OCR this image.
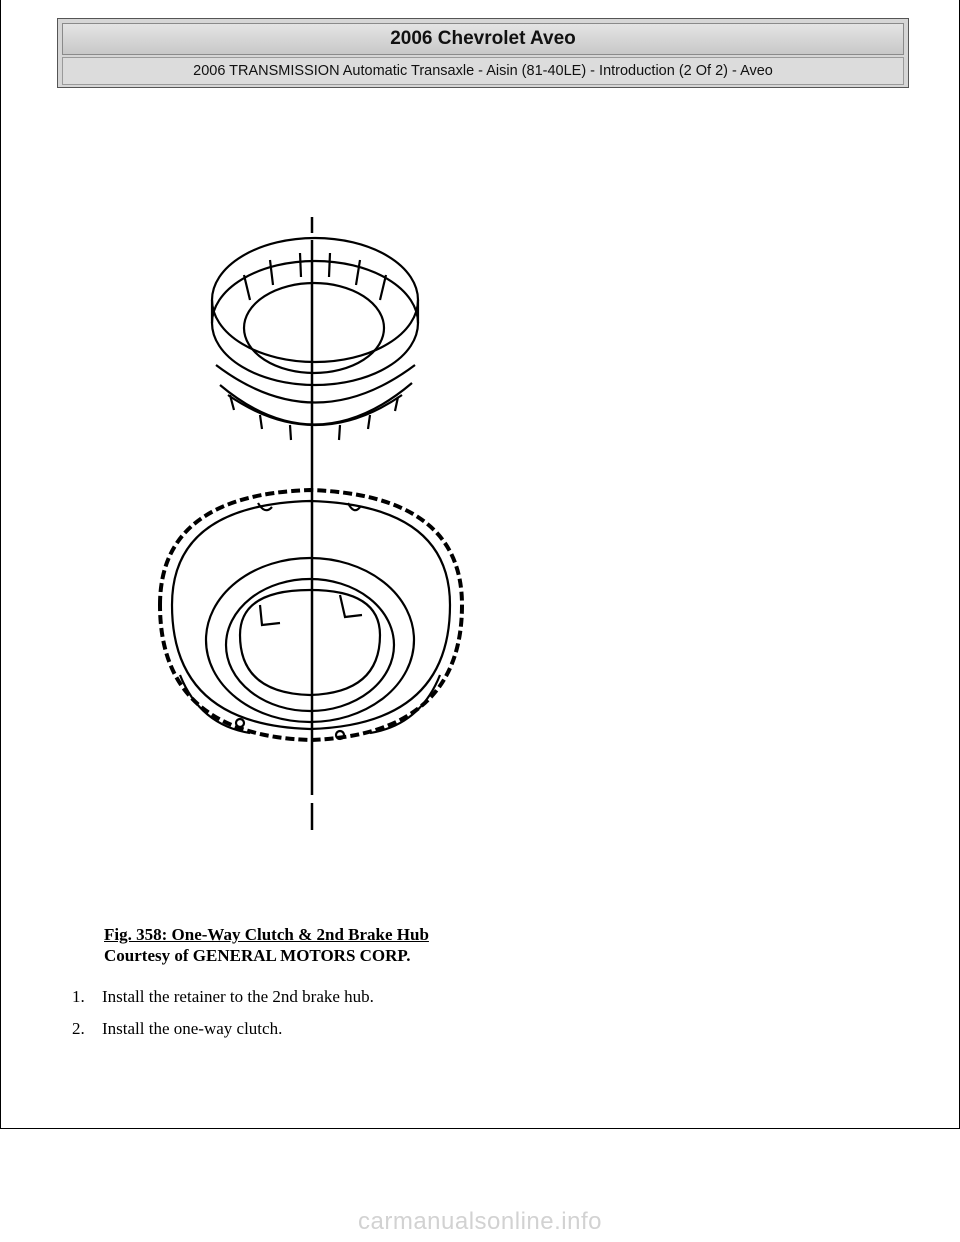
2006 Chevrolet Aveo
2006 TRANSMISSION Automatic Transaxle - Aisin (81-40LE) - Introduction (2 Of 2) - Aveo
Fig. 358: One-Way Clutch & 2nd Brake Hub
Courtesy of GENERAL MOTORS CORP.
1. Install the retainer to the 2nd brake hub.
2. Install the one-way clutch.
carmanualsonline.info
